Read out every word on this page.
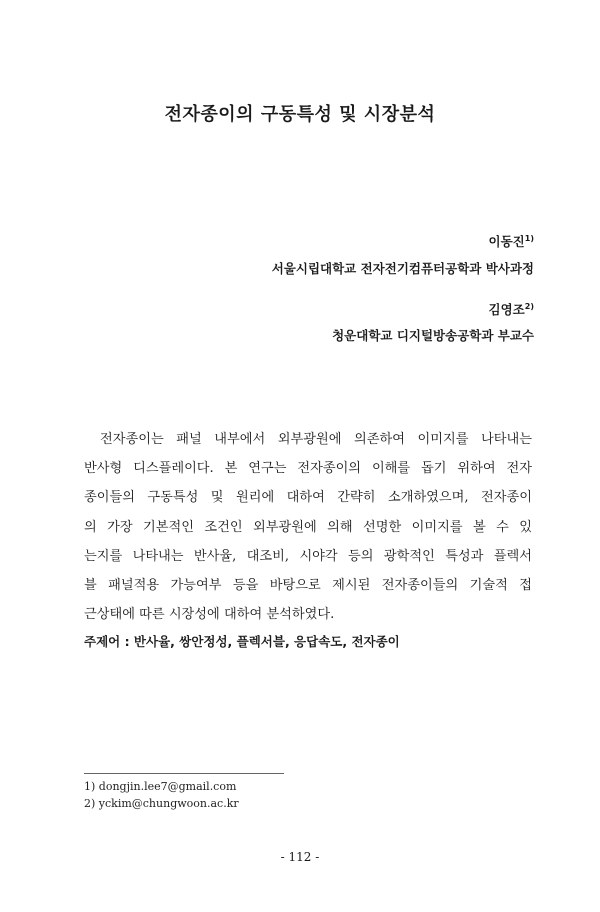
전자종이의 구동특성 및 시장분석
이동진$^{1)}$
서울시립대학교 전자전기컴퓨터공학과 박사과정
김영조$^{2)}$
청운대학교 디지털방송공학과 부교수

전자종이는 패널 내부에서 외부광원에 의존하여 이미지를 나타내는
반사형 디스플레이다. 본 연구는 전자종이의 이해를 돕기 위하여 전자
종이들의 구동특성 및 원리에 대하여 간략히 소개하였으며, 전자종이
의 가장 기본적인 조건인 외부광원에 의해 선명한 이미지를 볼 수 있
는지를 나타내는 반사율, 대조비, 시야각 등의 광학적인 특성과 플렉서
블 패널적용 가능여부 등을 바탕으로 제시된 전자종이들의 기술적 접
근상태에 따른 시장성에 대하여 분석하였다.

주제어 : 반사율, 쌍안정성, 플렉서블, 응답속도, 전자종이

1) dongjin.lee7@gmail.com
2) yckim@chungwoon.ac.kr
- 112 -
